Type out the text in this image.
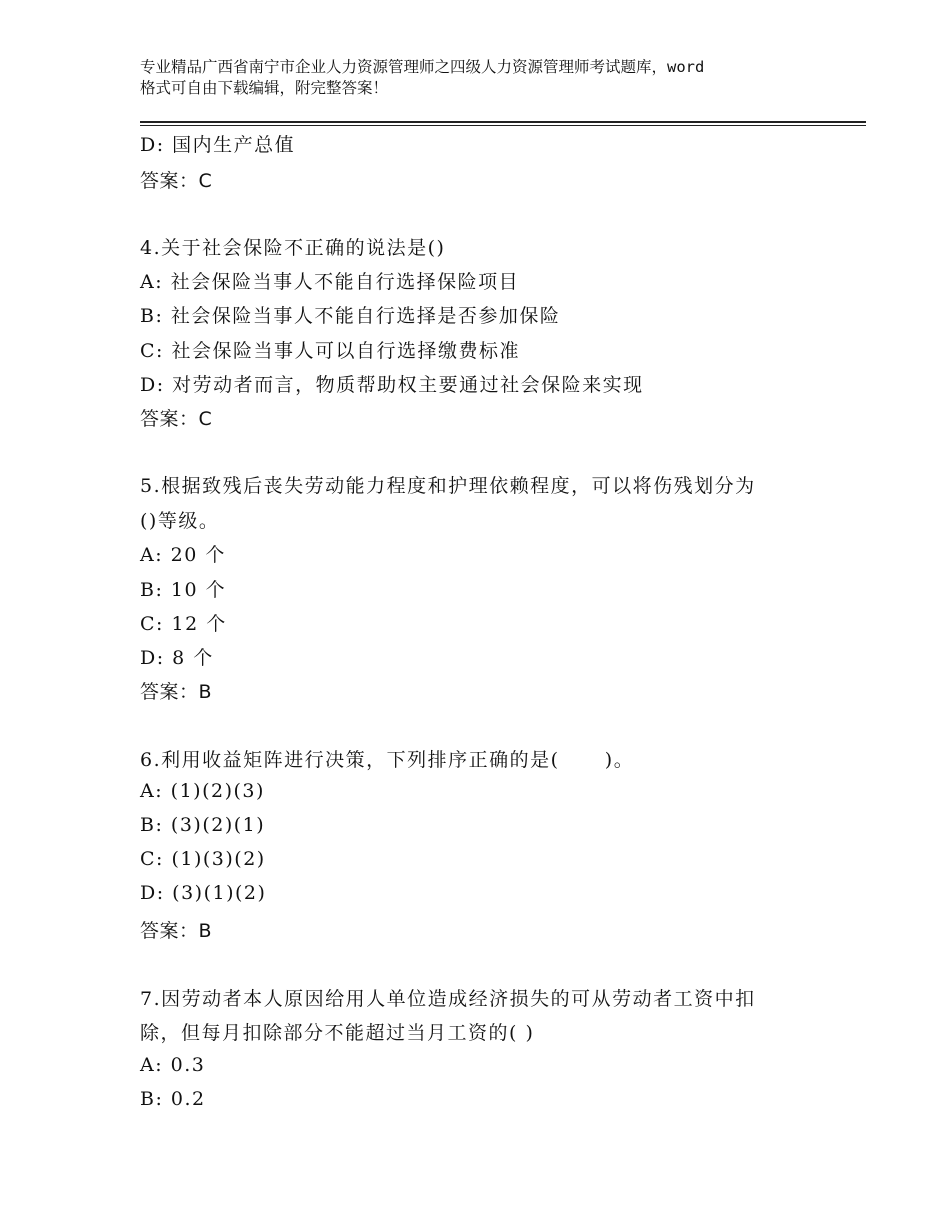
专业精品广西省南宁市企业人力资源管理师之四级人力资源管理师考试题库，word
格式可自由下载编辑，附完整答案！
D: 国内生产总值
答案：C
4.关于社会保险不正确的说法是()
A: 社会保险当事人不能自行选择保险项目
B: 社会保险当事人不能自行选择是否参加保险
C: 社会保险当事人可以自行选择缴费标准
D: 对劳动者而言，物质帮助权主要通过社会保险来实现
答案：C
5.根据致残后丧失劳动能力程度和护理依赖程度，可以将伤残划分为
()等级。
A: 20 个
B: 10 个
C: 12 个
D: 8 个
答案：B
6.利用收益矩阵进行决策，下列排序正确的是(      )。
A: (1)(2)(3)
B: (3)(2)(1)
C: (1)(3)(2)
D: (3)(1)(2)
答案：B
7.因劳动者本人原因给用人单位造成经济损失的可从劳动者工资中扣
除，但每月扣除部分不能超过当月工资的( )
A: 0.3
B: 0.2
